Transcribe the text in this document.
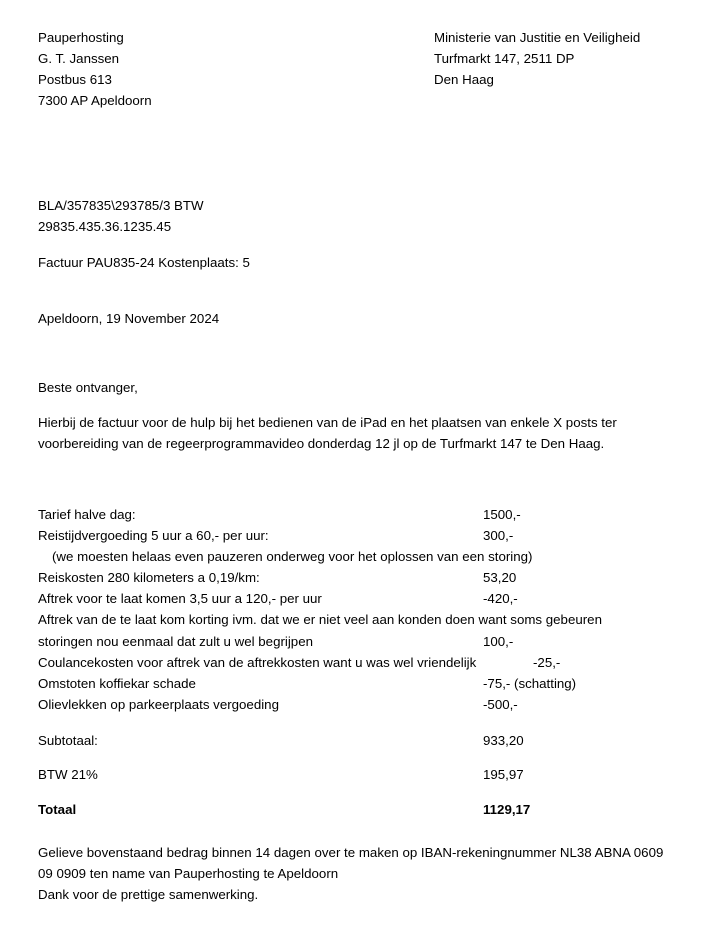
Pauperhosting
G. T. Janssen
Postbus 613
7300 AP Apeldoorn
Ministerie van Justitie en Veiligheid
Turfmarkt 147, 2511 DP
Den Haag
BLA/357835\293785/3 BTW
29835.435.36.1235.45
Factuur PAU835-24 Kostenplaats: 5
Apeldoorn, 19 November 2024
Beste ontvanger,
Hierbij de factuur voor de hulp bij het bedienen van de iPad en het plaatsen van enkele X posts ter
voorbereiding van de regeerprogrammavideo donderdag 12 jl op de Turfmarkt 147 te Den Haag.
Tarief halve dag:	1500,-
Reistijdvergoeding 5 uur a 60,- per uur:	300,-
(we moesten helaas even pauzeren onderweg voor het oplossen van een storing)
Reiskosten 280 kilometers a 0,19/km:	53,20
Aftrek voor te laat komen 3,5 uur a 120,- per uur	-420,-
Aftrek van de te laat kom korting ivm. dat we er niet veel aan konden doen want soms gebeuren
storingen nou eenmaal dat zult u wel begrijpen	100,-
Coulancekosten voor aftrek van de aftrekkosten want u was wel vriendelijk	-25,-
Omstoten koffiekar schade	-75,- (schatting)
Olievlekken op parkeerplaats vergoeding	-500,-
Subtotaal:	933,20
BTW 21%	195,97
Totaal	1129,17
Gelieve bovenstaand bedrag binnen 14 dagen over te maken op IBAN-rekeningnummer NL38 ABNA 0609
09 0909 ten name van Pauperhosting te Apeldoorn
Dank voor de prettige samenwerking.
